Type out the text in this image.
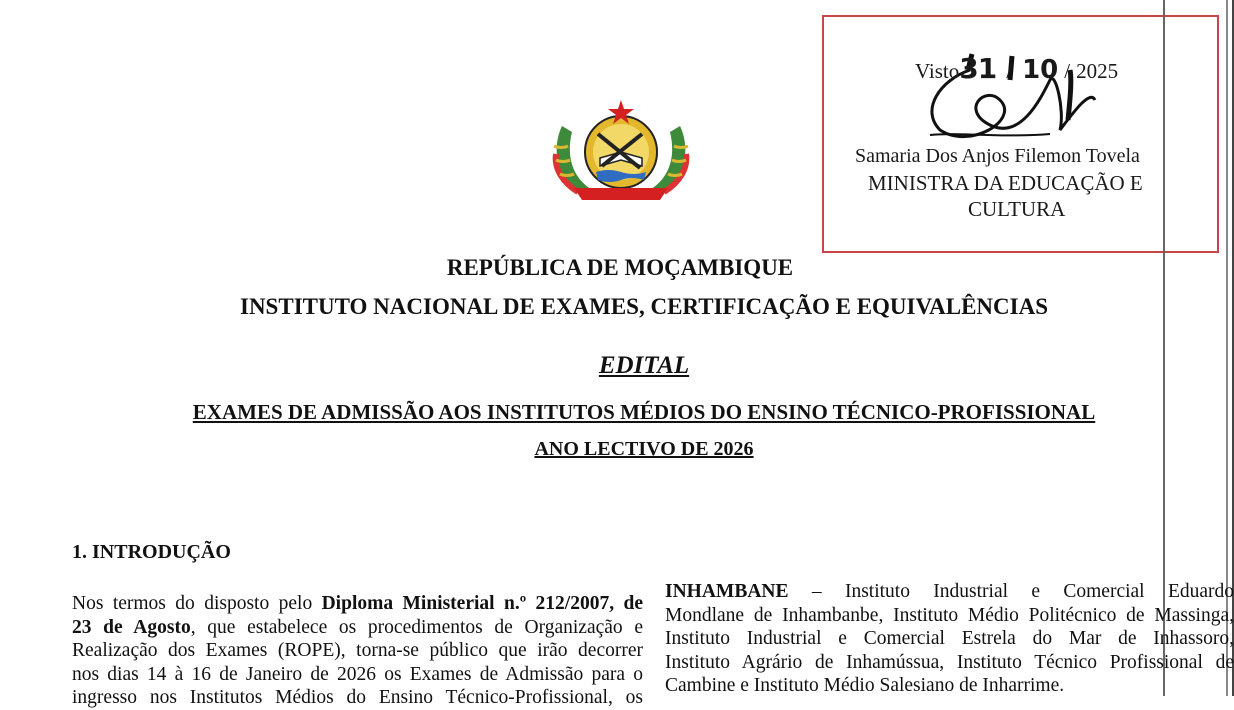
Visto31 / 10 / 2025
Samaria Dos Anjos Filemon Tovela
MINISTRA DA EDUCAÇÃO E
CULTURA
REPÚBLICA DE MOÇAMBIQUE
INSTITUTO NACIONAL DE EXAMES, CERTIFICAÇÃO E EQUIVALÊNCIAS
EDITAL
EXAMES DE ADMISSÃO AOS INSTITUTOS MÉDIOS DO ENSINO TÉCNICO-PROFISSIONAL
ANO LECTIVO DE 2026
1. INTRODUÇÃO
Nos termos do disposto pelo Diploma Ministerial n.º 212/2007, de
23 de Agosto, que estabelece os procedimentos de Organização e
Realização dos Exames (ROPE), torna-se público que irão decorrer
nos dias 14 à 16 de Janeiro de 2026 os Exames de Admissão para o
ingresso nos Institutos Médios do Ensino Técnico-Profissional, os
INHAMBANE – Instituto Industrial e Comercial Eduardo
Mondlane de Inhambanbe, Instituto Médio Politécnico de Massinga,
Instituto Industrial e Comercial Estrela do Mar de Inhassoro,
Instituto Agrário de Inhamússua, Instituto Técnico Profissional de
Cambine e Instituto Médio Salesiano de Inharrime.
